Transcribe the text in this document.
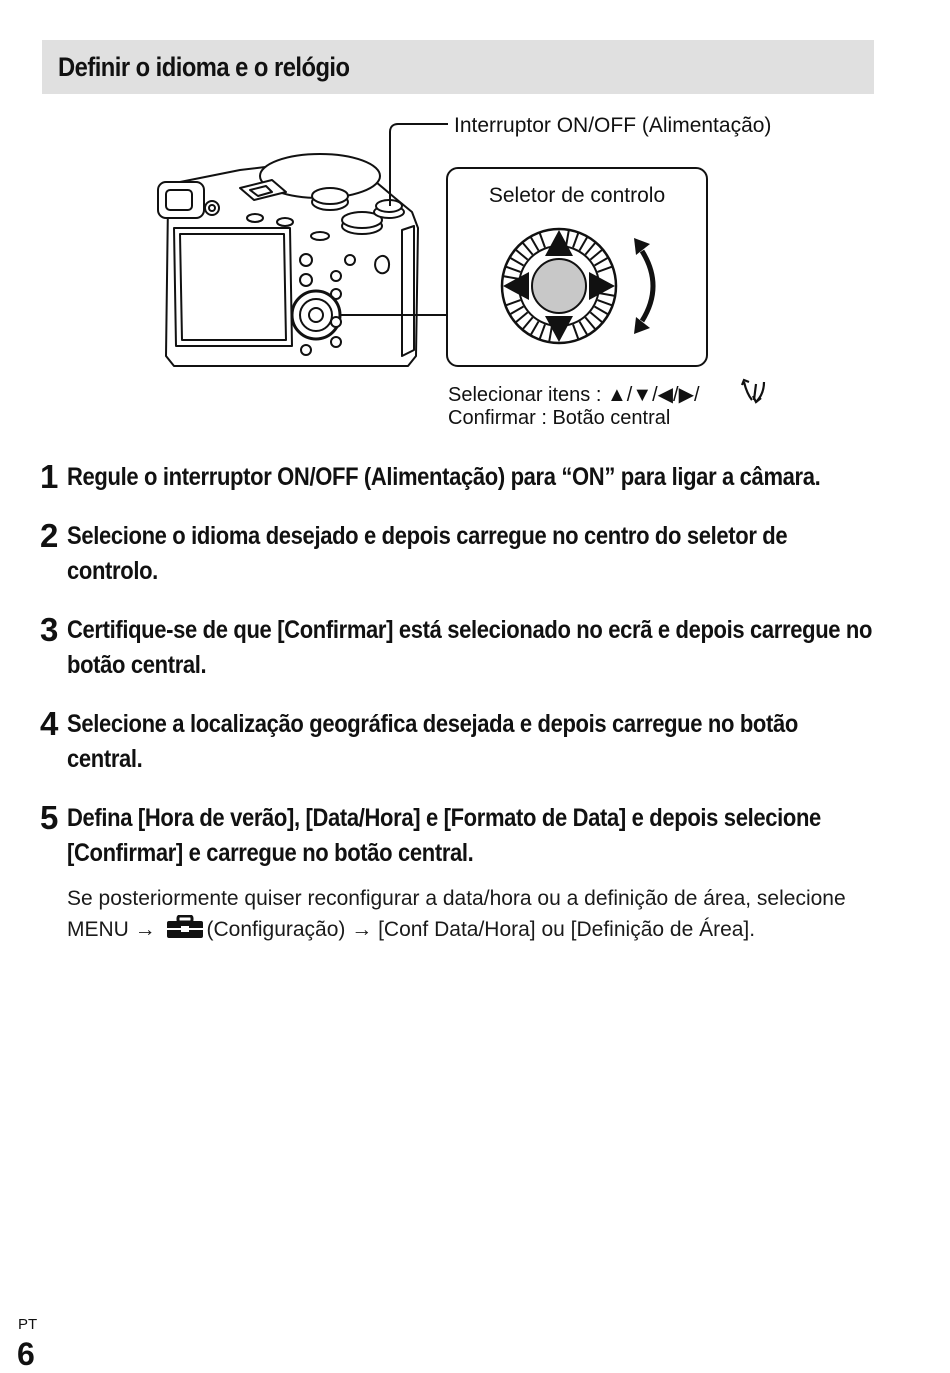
Definir o idioma e o relógio
Interruptor ON/OFF (Alimentação)
Seletor de controlo
Selecionar itens : ▲/▼/◀/▶/
Confirmar : Botão central
1 Regule o interruptor ON/OFF (Alimentação) para “ON” para ligar a câmara.
2 Selecione o idioma desejado e depois carregue no centro do seletor de controlo.
3 Certifique-se de que [Confirmar] está selecionado no ecrã e depois carregue no botão central.
4 Selecione a localização geográfica desejada e depois carregue no botão central.
5 Defina [Hora de verão], [Data/Hora] e [Formato de Data] e depois selecione [Confirmar] e carregue no botão central.
Se posteriormente quiser reconfigurar a data/hora ou a definição de área, selecione MENU → (Configuração) → [Conf Data/Hora] ou [Definição de Área].
PT
6
